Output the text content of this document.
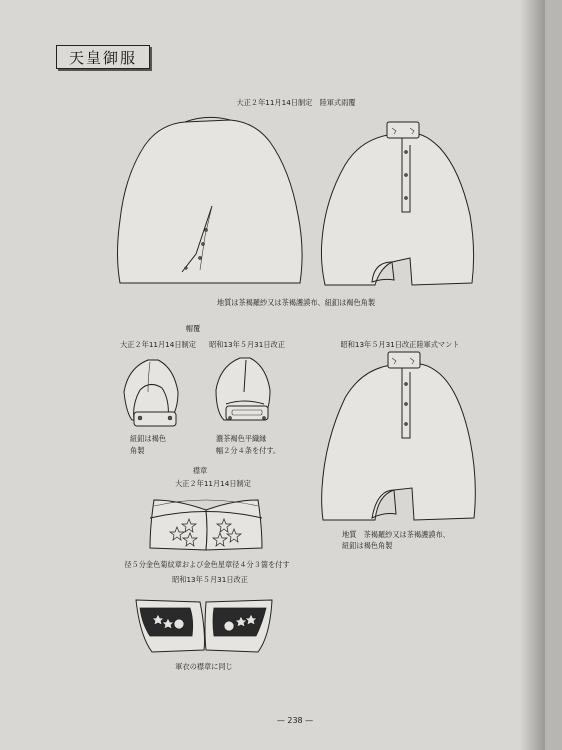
天皇御服
大正２年11月14日制定　陸軍式雨覆
地質は茶褐羅紗又は茶褐護謨布、紐釦は褐色角製
帽覆
大正２年11月14日制定 昭和13年５月31日改正
紐釦は褐色
角製
濃茶褐色平織縁
幅２分４条を付す。
昭和13年５月31日改正陸軍式マント
地質　茶褐羅紗又は茶褐護謨布、
紐釦は褐色角製
襟章
大正２年11月14日制定
径５分金色菊紋章および金色星章径４分３箇を付す
昭和13年５月31日改正
軍衣の襟章に同じ
— 238 —
